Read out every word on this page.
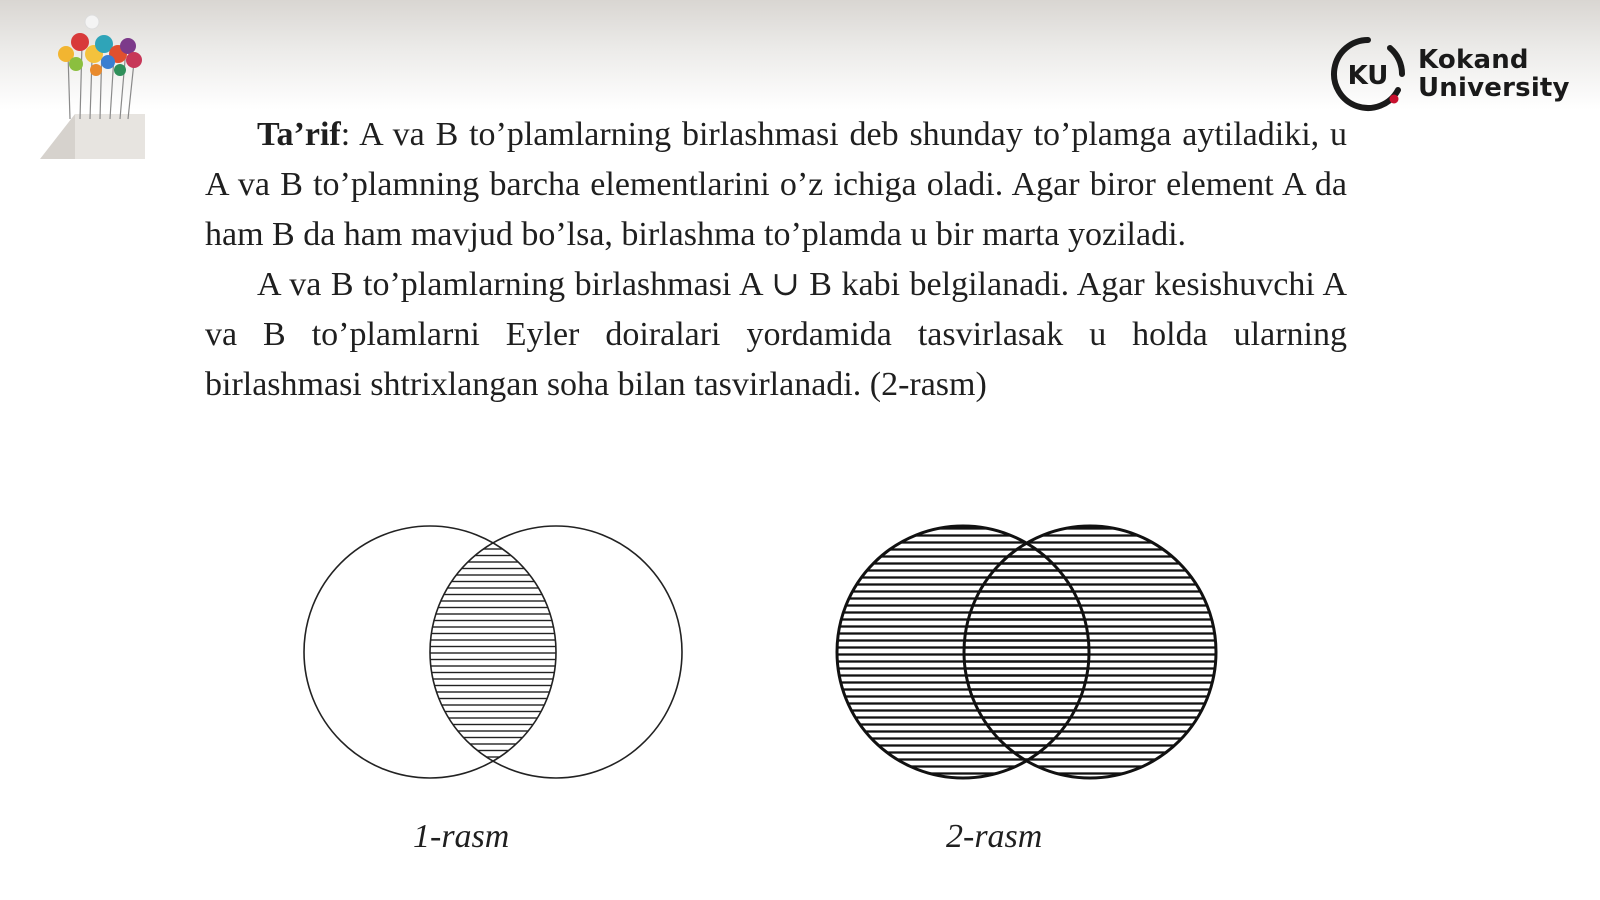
KU
Kokand
University

Ta’rif: A va B to’plamlarning birlashmasi deb shunday to’plamga aytiladiki, u A va B to’plamning barcha elementlarini o’z ichiga oladi. Agar biror element A da ham B da ham mavjud bo’lsa, birlashma to’plamda u bir marta yoziladi.

A va B to’plamlarning birlashmasi A ∪ B kabi belgilanadi. Agar kesishuvchi A va B to’plamlarni Eyler doiralari yordamida tasvirlasak u holda ularning birlashmasi shtrixlangan soha bilan tasvirlanadi. (2-rasm)

1-rasm	2-rasm
